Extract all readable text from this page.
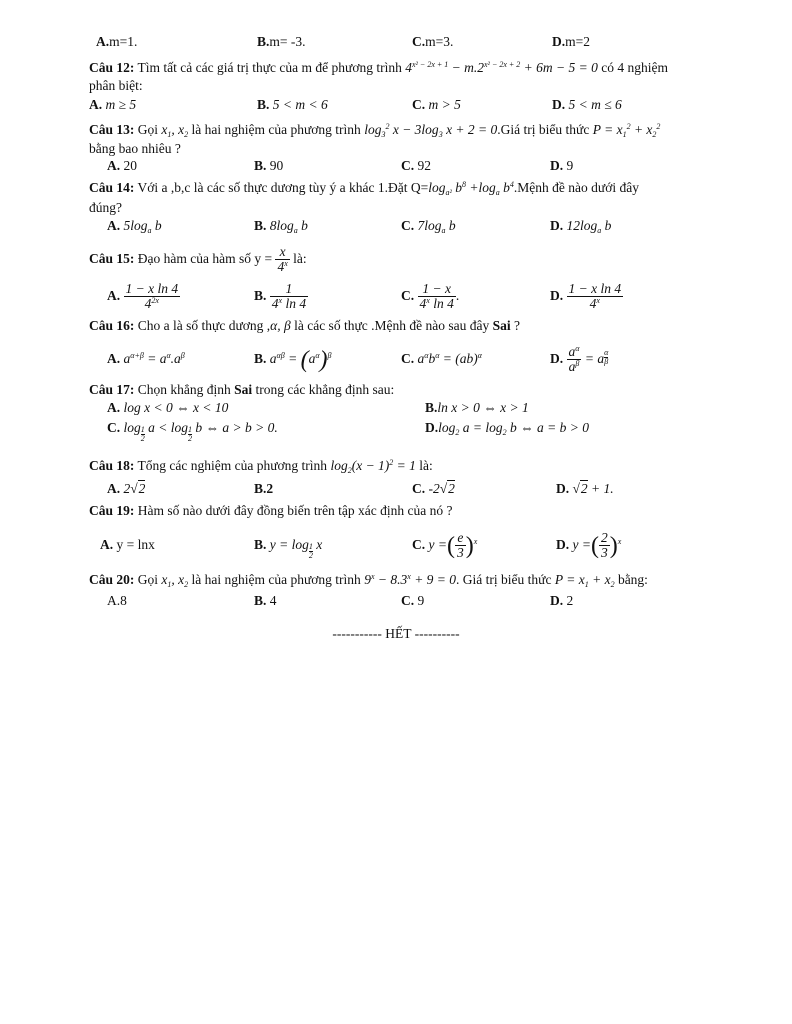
A.m=1.	B.m= -3.	C.m=3.	D.m=2
Câu 12: Tìm tất cả các giá trị thực của m để phương trình $4^{x^2 - 2x + 1} - m.2^{x^2 - 2x + 2} + 6m - 5 = 0$ có 4 nghiệm
phân biệt:
A. m ≥ 5	B. 5 < m < 6	C. m > 5	D. 5 < m ≤ 6
Câu 13: Gọi $x_1$, $x_2$ là hai nghiệm của phương trình $\log_3^2 x - 3\log_3$ x + 2 = 0.Giá trị biểu thức $P = x_1^2 + x_2^2$
bằng bao nhiêu ?
A. 20	B. 90	C. 92	D. 9
Câu 14: Với a ,b,c là các số thực dương tùy ý a khác 1.Đặt $Q=\log_{a^2}$ $b^8 +\log_a$ $b^4.Mệnh$ đề nào dưới đây
đúng?
A. $5\log_a$ b	B. $8\log_a$ b	C. $7\log_a$ b	D. $12\log_a$ b
Câu 15: Đạo hàm của hàm số $y = \frac{x}{4^x}$ là:
A. $\frac{\text{1 − x ln 4}}{4^{2x}}$	B. $\frac{1}{4^x \ln 4}$	C. $\frac{1 - x}{4^x \ln 4}$ .	D. $\frac{\text{1 − x ln 4}}{4^x}$
Câu 16: Cho a là số thực dương ,α, β là các số thực .Mệnh đề nào sau đây Sai ?
A. $a^{\alpha+\beta} = a^\alpha.a^\beta$	B. $a^{\alpha\beta} = (a^\alpha)^\beta$	C. $a^\alpha b^\alpha = (ab)^\alpha$	D. $\frac{a^\alpha}{a^\beta} = a$ $^{\frac{\alpha}{\beta}}$
Câu 17: Chọn khẳng định Sai trong các khẳng định sau:
A. log x < 0 ⇔ x < 10	B.ln x > 0 ⇔ x > 1
C. log $_{\frac{1}{2}}$ a < log $_{\frac{1}{2}}$ b ⇔ a > b > 0.	$D.\log_2$ $a = \log_2 b$ ⇔ a = b > 0
Câu 18: Tổng các nghiệm của phương trình $\log_2(x - 1)^2 = 1$ là:
A. 2√2	B.2	C. -2√2	D. √2 + 1.
Câu 19: Hàm số nào dưới đây đồng biến trên tập xác định của nó ?
A. y = lnx	B. y = log $_{\frac{1}{2}}$ x	C. y =( $\frac{e}{3} )^x$	D. y =( $\frac{2}{3} )^x$
Câu 20: Gọi $x_1$, $x_2$ là hai nghiệm của phương trình $9^x - 8.3^x + 9 = 0$. Giá trị biểu thức $P = x_1 + x_2$ bằng:
A.8	B. 4	C. 9	D. 2
----------- HẾT ----------
